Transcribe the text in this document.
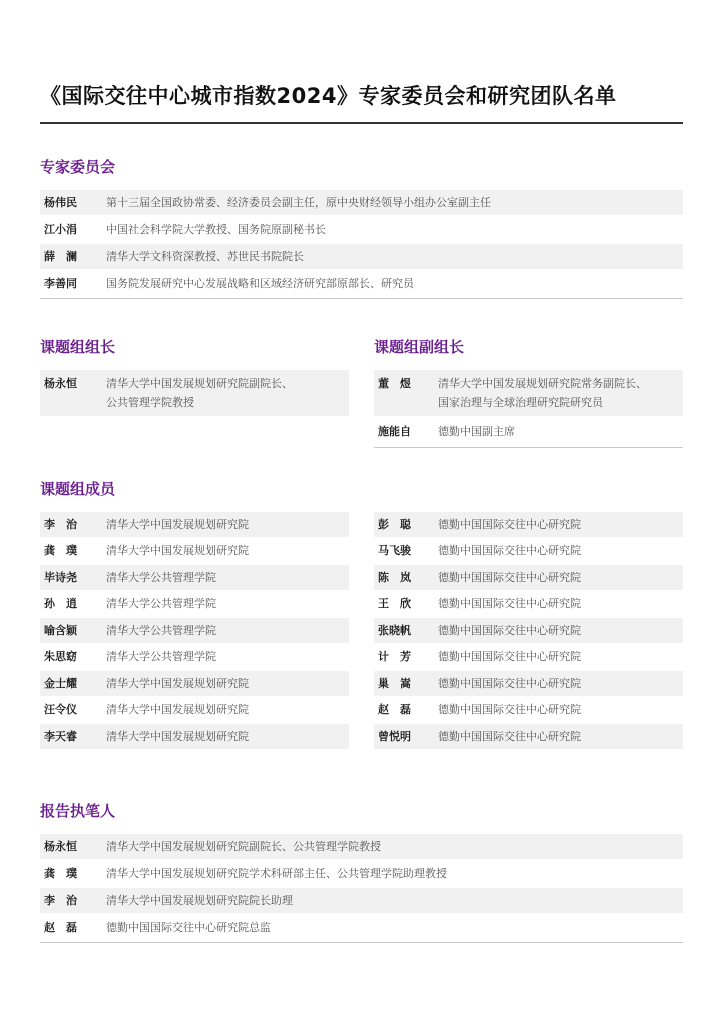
《国际交往中心城市指数2024》专家委员会和研究团队名单
专家委员会
杨伟民	第十三届全国政协常委、经济委员会副主任，原中央财经领导小组办公室副主任
江小涓	中国社会科学院大学教授、国务院原副秘书长
薛　澜	清华大学文科资深教授、苏世民书院院长
李善同	国务院发展研究中心发展战略和区域经济研究部原部长、研究员
课题组组长
杨永恒	清华大学中国发展规划研究院副院长、
公共管理学院教授
课题组副组长
董　煜	清华大学中国发展规划研究院常务副院长、
国家治理与全球治理研究院研究员
施能自	德勤中国副主席
课题组成员
李　治	清华大学中国发展规划研究院
龚　璞	清华大学中国发展规划研究院
毕诗尧	清华大学公共管理学院
孙　逍	清华大学公共管理学院
喻含颖	清华大学公共管理学院
朱思窈	清华大学公共管理学院
金士耀	清华大学中国发展规划研究院
汪令仪	清华大学中国发展规划研究院
李天睿	清华大学中国发展规划研究院
彭　聪	德勤中国国际交往中心研究院
马飞骏	德勤中国国际交往中心研究院
陈　岚	德勤中国国际交往中心研究院
王　欣	德勤中国国际交往中心研究院
张晓帆	德勤中国国际交往中心研究院
计　芳	德勤中国国际交往中心研究院
巢　嵩	德勤中国国际交往中心研究院
赵　磊	德勤中国国际交往中心研究院
曾悦明	德勤中国国际交往中心研究院
报告执笔人
杨永恒	清华大学中国发展规划研究院副院长、公共管理学院教授
龚　璞	清华大学中国发展规划研究院学术科研部主任、公共管理学院助理教授
李　治	清华大学中国发展规划研究院院长助理
赵　磊	德勤中国国际交往中心研究院总监
